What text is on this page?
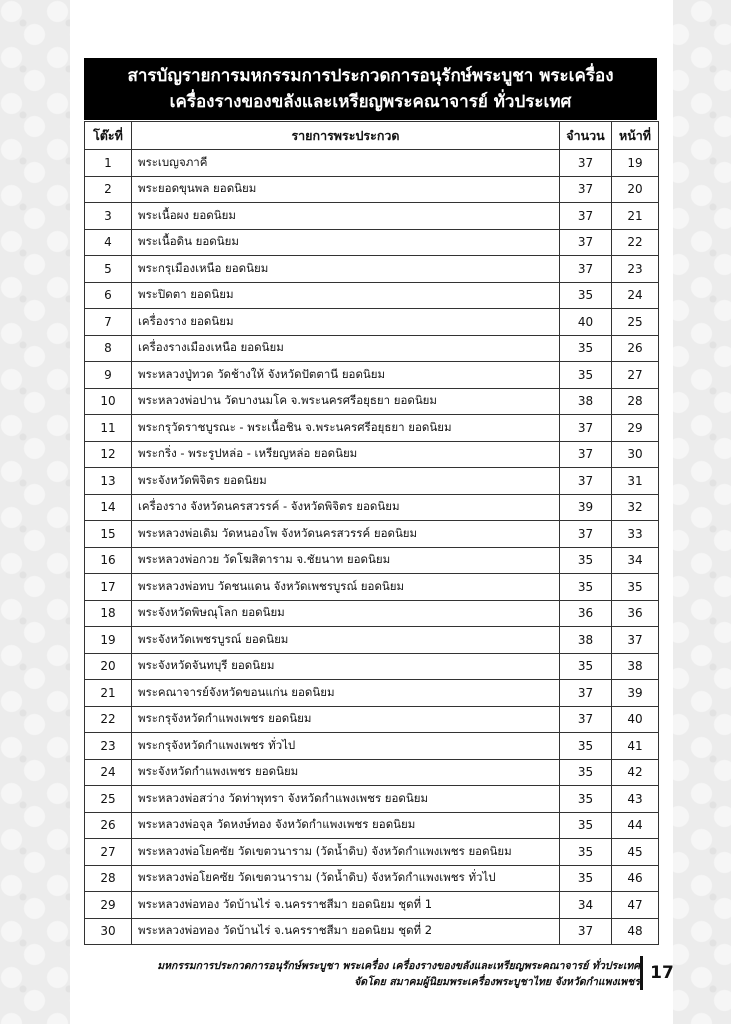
สารบัญรายการมหกรรมการประกวดการอนุรักษ์พระบูชา พระเครื่อง
เครื่องรางของขลังและเหรียญพระคณาจารย์ ทั่วประเทศ
โต๊ะที่	รายการพระประกวด	จำนวน	หน้าที่
1	พระเบญจภาคี	37	19
2	พระยอดขุนพล ยอดนิยม	37	20
3	พระเนื้อผง ยอดนิยม	37	21
4	พระเนื้อดิน ยอดนิยม	37	22
5	พระกรุเมืองเหนือ ยอดนิยม	37	23
6	พระปิดตา ยอดนิยม	35	24
7	เครื่องราง ยอดนิยม	40	25
8	เครื่องรางเมืองเหนือ ยอดนิยม	35	26
9	พระหลวงปู่ทวด วัดช้างให้ จังหวัดปัตตานี ยอดนิยม	35	27
10	พระหลวงพ่อปาน วัดบางนมโค จ.พระนครศรีอยุธยา ยอดนิยม	38	28
11	พระกรุวัดราชบูรณะ - พระเนื้อชิน จ.พระนครศรีอยุธยา ยอดนิยม	37	29
12	พระกริ่ง - พระรูปหล่อ - เหรียญหล่อ ยอดนิยม	37	30
13	พระจังหวัดพิจิตร ยอดนิยม	37	31
14	เครื่องราง จังหวัดนครสวรรค์ - จังหวัดพิจิตร ยอดนิยม	39	32
15	พระหลวงพ่อเดิม วัดหนองโพ จังหวัดนครสวรรค์ ยอดนิยม	37	33
16	พระหลวงพ่อกวย วัดโฆสิตาราม จ.ชัยนาท ยอดนิยม	35	34
17	พระหลวงพ่อทบ วัดชนแดน จังหวัดเพชรบูรณ์ ยอดนิยม	35	35
18	พระจังหวัดพิษณุโลก ยอดนิยม	36	36
19	พระจังหวัดเพชรบูรณ์ ยอดนิยม	38	37
20	พระจังหวัดจันทบุรี ยอดนิยม	35	38
21	พระคณาจารย์จังหวัดขอนแก่น ยอดนิยม	37	39
22	พระกรุจังหวัดกำแพงเพชร ยอดนิยม	37	40
23	พระกรุจังหวัดกำแพงเพชร ทั่วไป	35	41
24	พระจังหวัดกำแพงเพชร ยอดนิยม	35	42
25	พระหลวงพ่อสว่าง วัดท่าพุทรา จังหวัดกำแพงเพชร ยอดนิยม	35	43
26	พระหลวงพ่อจุล วัดหงษ์ทอง จังหวัดกำแพงเพชร ยอดนิยม	35	44
27	พระหลวงพ่อโยคซัย วัดเขตวนาราม (วัดน้ำดิบ) จังหวัดกำแพงเพชร ยอดนิยม	35	45
28	พระหลวงพ่อโยคซัย วัดเขตวนาราม (วัดน้ำดิบ) จังหวัดกำแพงเพชร ทั่วไป	35	46
29	พระหลวงพ่อทอง วัดบ้านไร่ จ.นครราชสีมา ยอดนิยม ชุดที่ 1	34	47
30	พระหลวงพ่อทอง วัดบ้านไร่ จ.นครราชสีมา ยอดนิยม ชุดที่ 2	37	48
มหกรรมการประกวดการอนุรักษ์พระบูชา พระเครื่อง เครื่องรางของขลังและเหรียญพระคณาจารย์ ทั่วประเทศ
จัดโดย สมาคมผู้นิยมพระเครื่องพระบูชาไทย จังหวัดกำแพงเพชร 17
